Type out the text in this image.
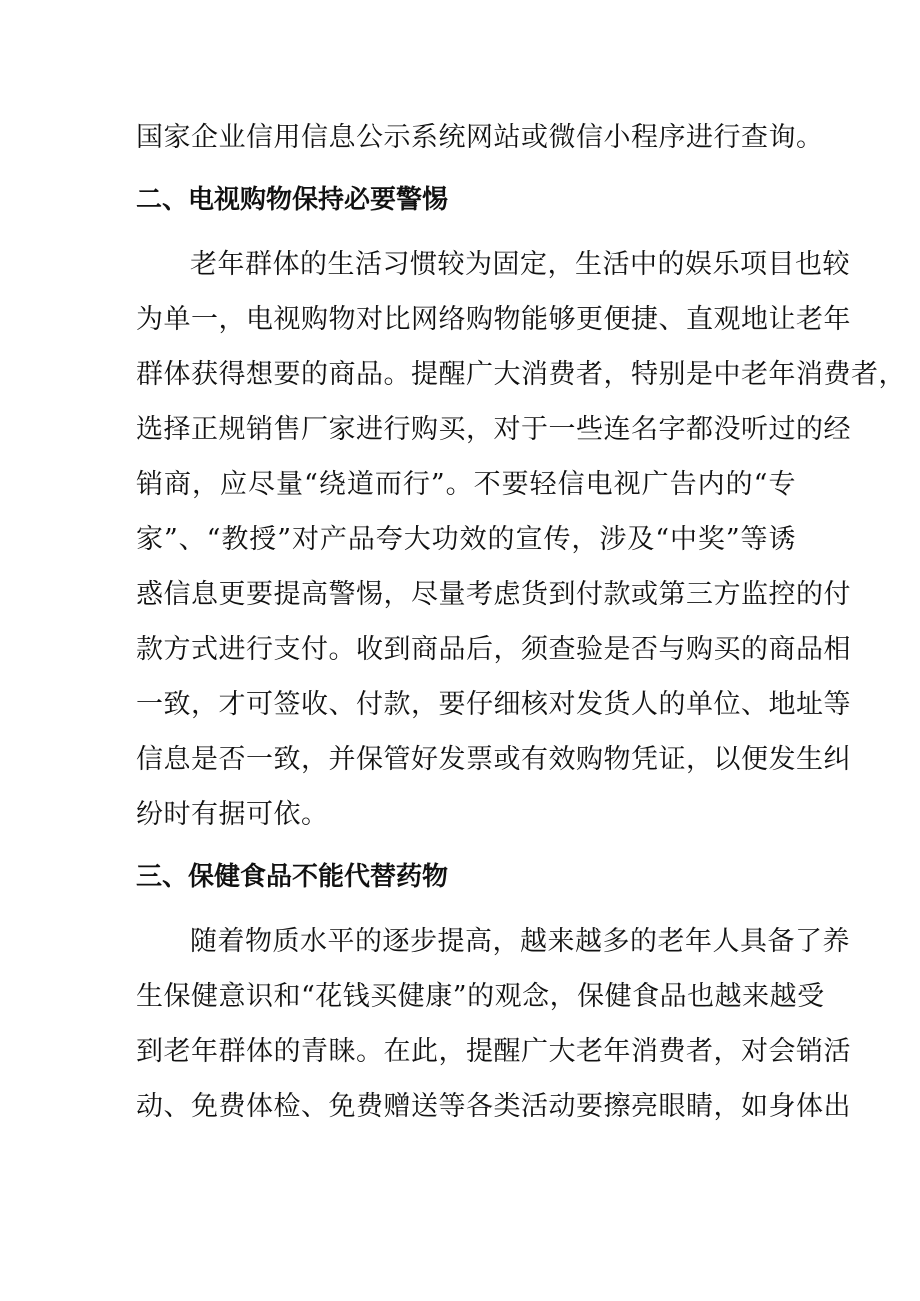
国家企业信用信息公示系统网站或微信小程序进行查询。
二、电视购物保持必要警惕
老年群体的生活习惯较为固定，生活中的娱乐项目也较
为单一，电视购物对比网络购物能够更便捷、直观地让老年
群体获得想要的商品。提醒广大消费者，特别是中老年消费者，
选择正规销售厂家进行购买，对于一些连名字都没听过的经
销商，应尽量“绕道而行”。不要轻信电视广告内的“专
家”、“教授”对产品夸大功效的宣传，涉及“中奖”等诱
惑信息更要提高警惕，尽量考虑货到付款或第三方监控的付
款方式进行支付。收到商品后，须查验是否与购买的商品相
一致，才可签收、付款，要仔细核对发货人的单位、地址等
信息是否一致，并保管好发票或有效购物凭证，以便发生纠
纷时有据可依。
三、保健食品不能代替药物
随着物质水平的逐步提高，越来越多的老年人具备了养
生保健意识和“花钱买健康”的观念，保健食品也越来越受
到老年群体的青睐。在此，提醒广大老年消费者，对会销活
动、免费体检、免费赠送等各类活动要擦亮眼睛，如身体出
